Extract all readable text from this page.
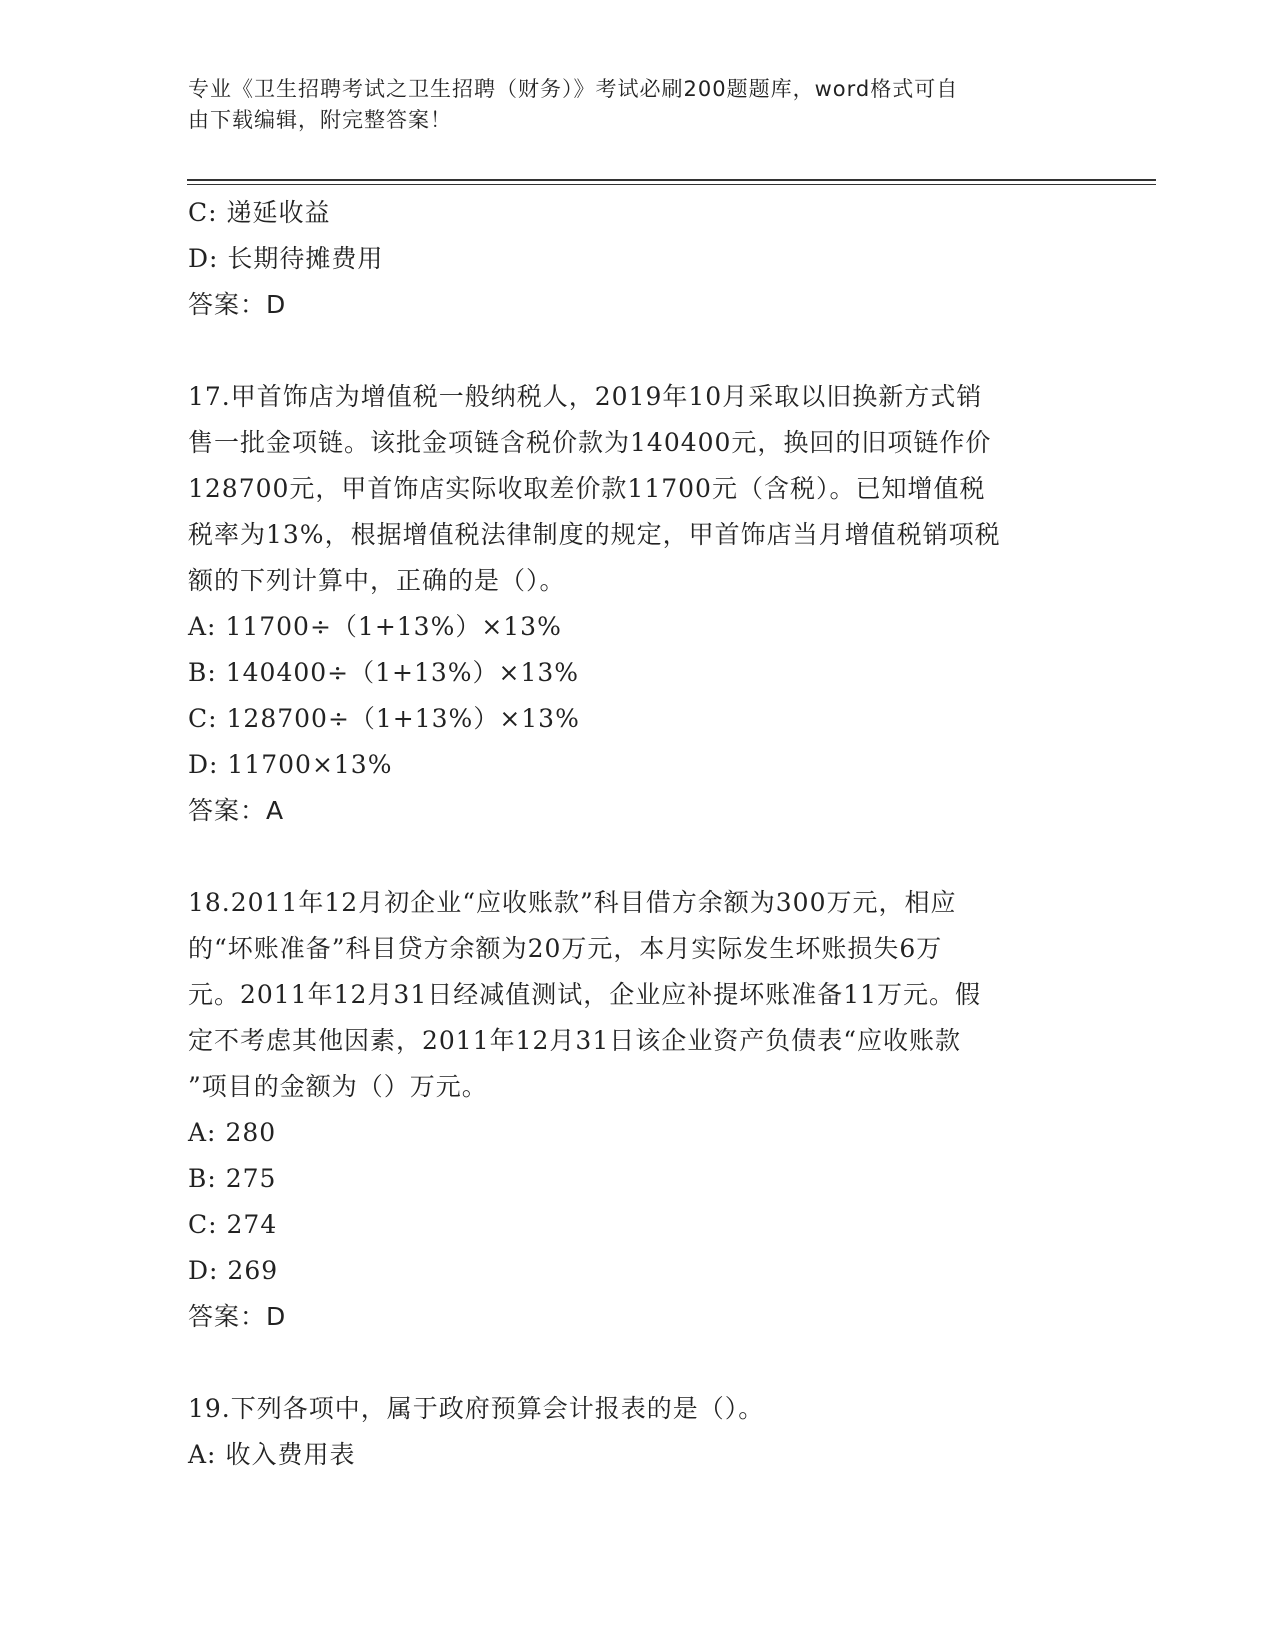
专业《卫生招聘考试之卫生招聘（财务）》考试必刷200题题库，word格式可自
由下载编辑，附完整答案！
C: 递延收益
D: 长期待摊费用
答案：D
17.甲首饰店为增值税一般纳税人，2019年10月采取以旧换新方式销
售一批金项链。该批金项链含税价款为140400元，换回的旧项链作价
128700元，甲首饰店实际收取差价款11700元（含税）。已知增值税
税率为13%，根据增值税法律制度的规定，甲首饰店当月增值税销项税
额的下列计算中，正确的是（）。
A: 11700÷（1+13%）×13%
B: 140400÷（1+13%）×13%
C: 128700÷（1+13%）×13%
D: 11700×13%
答案：A
18.2011年12月初企业“应收账款”科目借方余额为300万元，相应
的“坏账准备”科目贷方余额为20万元，本月实际发生坏账损失6万
元。2011年12月31日经减值测试，企业应补提坏账准备11万元。假
定不考虑其他因素，2011年12月31日该企业资产负债表“应收账款
”项目的金额为（）万元。
A: 280
B: 275
C: 274
D: 269
答案：D
19.下列各项中，属于政府预算会计报表的是（）。
A: 收入费用表
